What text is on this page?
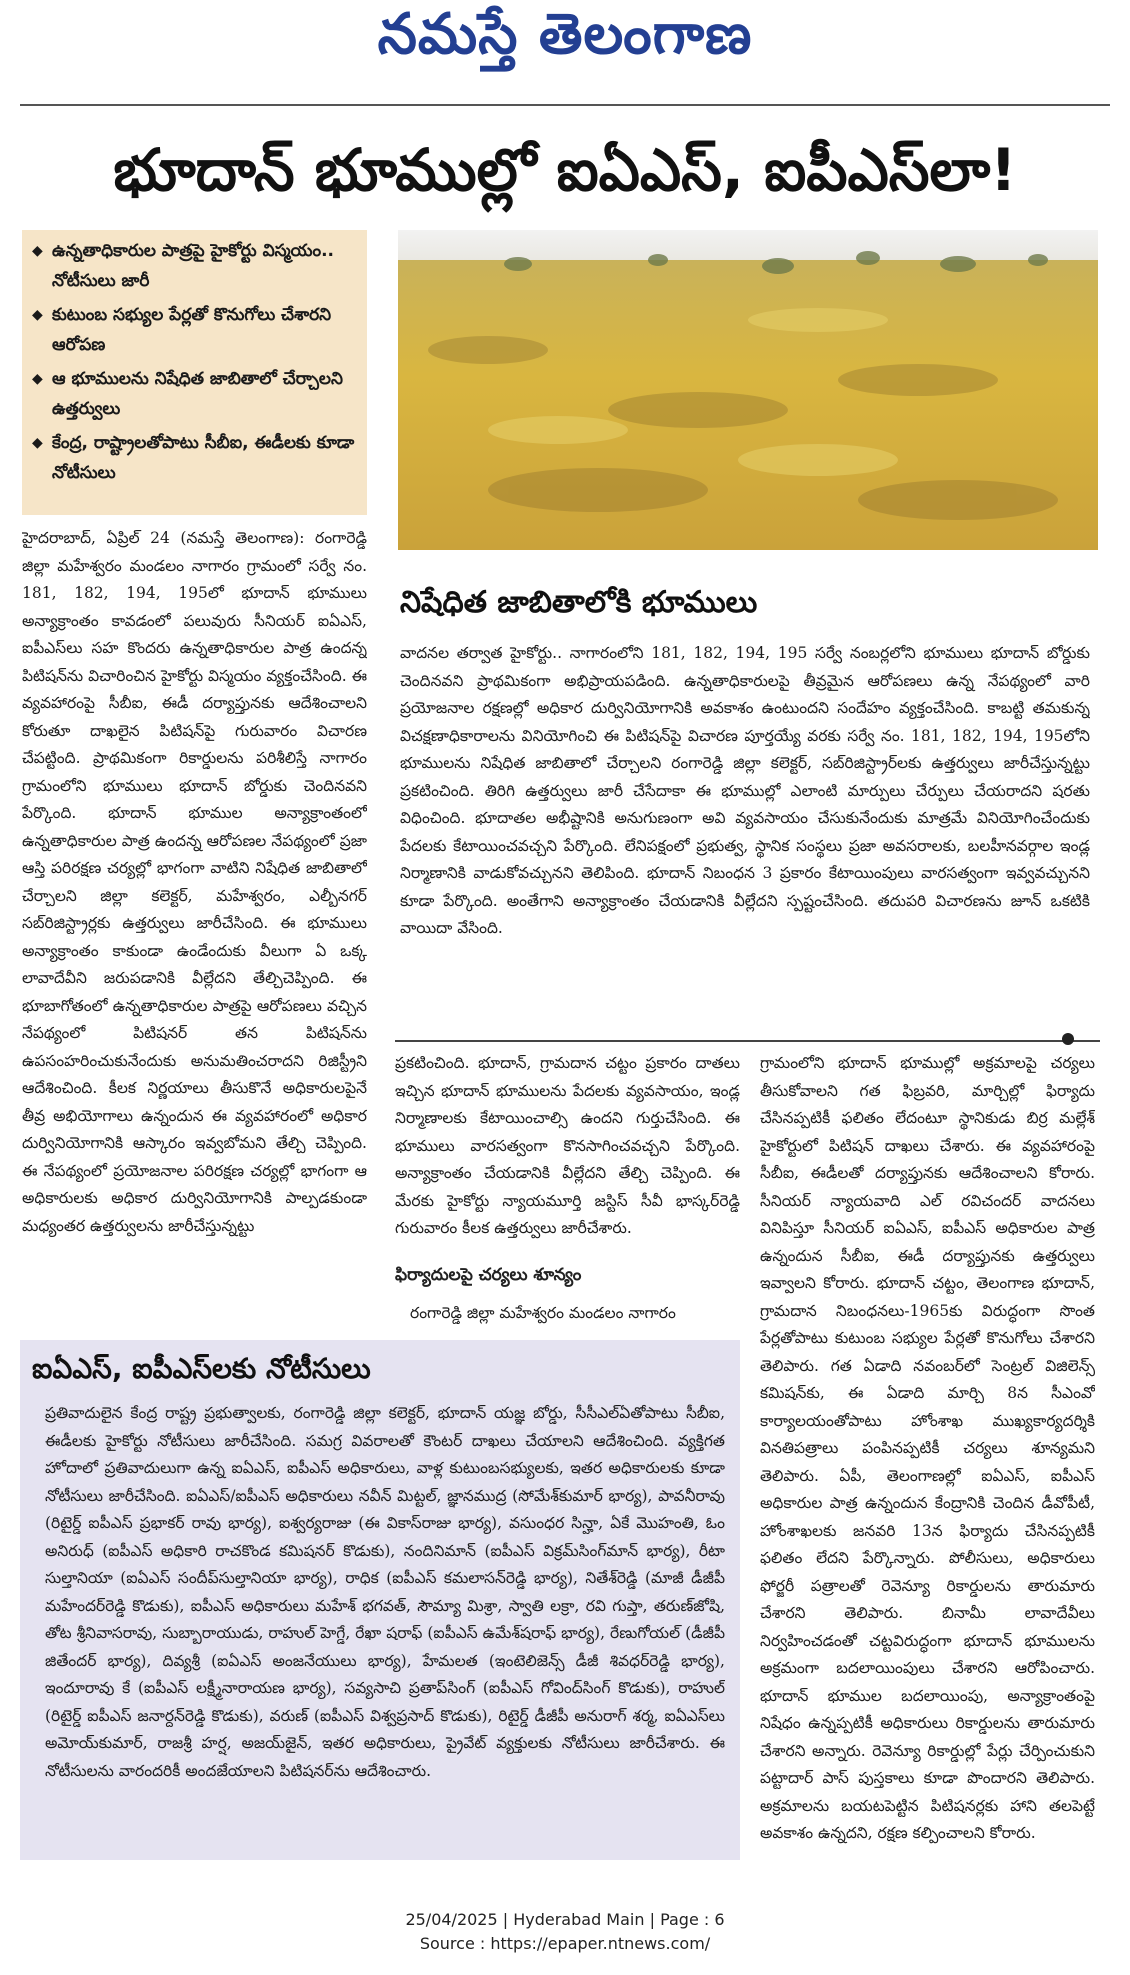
నమస్తే తెలంగాణ
భూదాన్ భూముల్లో ఐఏఎస్, ఐపీఎస్‌లా!
◆ ఉన్నతాధికారుల పాత్రపై హైకోర్టు విస్మయం.. నోటీసులు జారీ
◆ కుటుంబ సభ్యుల పేర్లతో కొనుగోలు చేశారని ఆరోపణ
◆ ఆ భూములను నిషేధిత జాబితాలో చేర్చాలని ఉత్తర్వులు
◆ కేంద్ర, రాష్ట్రాలతోపాటు సీబీఐ, ఈడీలకు కూడా నోటీసులు

హైదరాబాద్, ఏప్రిల్ 24 (నమస్తే తెలంగాణ): రంగారెడ్డి జిల్లా మహేశ్వరం మండలం నాగారం గ్రామంలో సర్వే నం. 181, 182, 194, 195లో భూదాన్ భూములు అన్యాక్రాంతం కావడంలో పలువురు సీనియర్ ఐఏఎస్, ఐపీఎస్‌లు సహ కొందరు ఉన్నతాధికారుల పాత్ర ఉందన్న పిటిషన్‌ను విచారించిన హైకోర్టు విస్మయం వ్యక్తంచేసింది. ఈ వ్యవహారంపై సీబీఐ, ఈడీ దర్యాప్తునకు ఆదేశించాలని కోరుతూ దాఖలైన పిటిషన్‌పై గురువారం విచారణ చేపట్టింది. ప్రాథమికంగా రికార్డులను పరిశీలిస్తే నాగారం గ్రామంలోని భూములు భూదాన్ బోర్డుకు చెందినవని పేర్కొంది. భూదాన్ భూముల అన్యాక్రాంతంలో ఉన్నతాధికారుల పాత్ర ఉందన్న ఆరోపణల నేపథ్యంలో ప్రజా ఆస్తి పరిరక్షణ చర్యల్లో భాగంగా వాటిని నిషేధిత జాబితాలో చేర్చాలని జిల్లా కలెక్టర్, మహేశ్వరం, ఎల్బీనగర్ సబ్‌రిజిస్ట్రార్లకు ఉత్తర్వులు జారీచేసింది. ఈ భూములు అన్యాక్రాంతం కాకుండా ఉండేందుకు వీలుగా ఏ ఒక్క లావాదేవీని జరుపడానికి వీల్లేదని తేల్చిచెప్పింది. ఈ భూబాగోతంలో ఉన్నతాధికారుల పాత్రపై ఆరోపణలు వచ్చిన నేపథ్యంలో పిటిషనర్ తన పిటిషన్‌ను ఉపసంహరించుకునేందుకు అనుమతించరాదని రిజిస్ట్రీని ఆదేశించింది. కీలక నిర్ణయాలు తీసుకొనే అధికారులపైనే తీవ్ర అభియోగాలు ఉన్నందున ఈ వ్యవహారంలో అధికార దుర్వినియోగానికి ఆస్కారం ఇవ్వబోమని తేల్చి చెప్పింది. ఈ నేపథ్యంలో ప్రయోజనాల పరిరక్షణ చర్యల్లో భాగంగా ఆ అధికారులకు అధికార దుర్వినియోగానికి పాల్పడకుండా మధ్యంతర ఉత్తర్వులను జారీచేస్తున్నట్టు

నిషేధిత జాబితాలోకి భూములు

వాదనల తర్వాత హైకోర్టు.. నాగారంలోని 181, 182, 194, 195 సర్వే నంబర్లలోని భూములు భూదాన్ బోర్డుకు చెందినవని ప్రాథమికంగా అభిప్రాయపడింది. ఉన్నతాధికారులపై తీవ్రమైన ఆరోపణలు ఉన్న నేపథ్యంలో వారి ప్రయోజనాల రక్షణల్లో అధికార దుర్వినియోగానికి అవకాశం ఉంటుందని సందేహం వ్యక్తంచేసింది. కాబట్టి తమకున్న విచక్షణాధికారాలను వినియోగించి ఈ పిటిషన్‌పై విచారణ పూర్తయ్యే వరకు సర్వే నం. 181, 182, 194, 195లోని భూములను నిషేధిత జాబితాలో చేర్చాలని రంగారెడ్డి జిల్లా కలెక్టర్, సబ్‌రిజిస్ట్రార్‌లకు ఉత్తర్వులు జారీచేస్తున్నట్టు ప్రకటించింది. తిరిగి ఉత్తర్వులు జారీ చేసేదాకా ఈ భూముల్లో ఎలాంటి మార్పులు చేర్పులు చేయరాదని షరతు విధించింది. భూదాతల అభీష్టానికి అనుగుణంగా అవి వ్యవసాయం చేసుకునేందుకు మాత్రమే వినియోగించేందుకు పేదలకు కేటాయించవచ్చని పేర్కొంది. లేనిపక్షంలో ప్రభుత్వ, స్థానిక సంస్థలు ప్రజా అవసరాలకు, బలహీనవర్గాల ఇండ్ల నిర్మాణానికి వాడుకోవచ్చునని తెలిపింది. భూదాన్ నిబంధన 3 ప్రకారం కేటాయింపులు వారసత్వంగా ఇవ్వవచ్చునని కూడా పేర్కొంది. అంతేగాని అన్యాక్రాంతం చేయడానికి వీల్లేదని స్పష్టంచేసింది. తదుపరి విచారణను జూన్ ఒకటికి వాయిదా వేసింది.

ప్రకటించింది. భూదాన్, గ్రామదాన చట్టం ప్రకారం దాతలు ఇచ్చిన భూదాన్ భూములను పేదలకు వ్యవసాయం, ఇండ్ల నిర్మాణాలకు కేటాయించాల్సి ఉందని గుర్తుచేసింది. ఈ భూములు వారసత్వంగా కొనసాగించవచ్చని పేర్కొంది. అన్యాక్రాంతం చేయడానికి వీల్లేదని తేల్చి చెప్పింది. ఈ మేరకు హైకోర్టు న్యాయమూర్తి జస్టిస్ సీవీ భాస్కర్‌రెడ్డి గురువారం కీలక ఉత్తర్వులు జారీచేశారు.

ఫిర్యాదులపై చర్యలు శూన్యం

రంగారెడ్డి జిల్లా మహేశ్వరం మండలం నాగారం

గ్రామంలోని భూదాన్ భూముల్లో అక్రమాలపై చర్యలు తీసుకోవాలని గత ఫిబ్రవరి, మార్చిల్లో ఫిర్యాదు చేసినప్పటికీ ఫలితం లేదంటూ స్థానికుడు బిర్ర మల్లేశ్ హైకోర్టులో పిటిషన్ దాఖలు చేశారు. ఈ వ్యవహారంపై సీబీఐ, ఈడీలతో దర్యాప్తునకు ఆదేశించాలని కోరారు. సీనియర్ న్యాయవాది ఎల్ రవిచందర్ వాదనలు వినిపిస్తూ సీనియర్ ఐఏఎస్, ఐపీఎస్ అధికారుల పాత్ర ఉన్నందున సీబీఐ, ఈడీ దర్యాప్తునకు ఉత్తర్వులు ఇవ్వాలని కోరారు. భూదాన్ చట్టం, తెలంగాణ భూదాన్, గ్రామదాన నిబంధనలు-1965కు విరుద్ధంగా సొంత పేర్లతోపాటు కుటుంబ సభ్యుల పేర్లతో కొనుగోలు చేశారని తెలిపారు. గత ఏడాది నవంబర్‌లో సెంట్రల్ విజిలెన్స్ కమిషన్‌కు, ఈ ఏడాది మార్చి 8న సీఎంవో కార్యాలయంతోపాటు హోంశాఖ ముఖ్యకార్యదర్శికి వినతిపత్రాలు పంపినప్పటికీ చర్యలు శూన్యమని తెలిపారు. ఏపీ, తెలంగాణల్లో ఐఏఎస్, ఐపీఎస్ అధికారుల పాత్ర ఉన్నందున కేంద్రానికి చెందిన డీవోపీటీ, హోంశాఖలకు జనవరి 13న ఫిర్యాదు చేసినప్పటికీ ఫలితం లేదని పేర్కొన్నారు. పోలీసులు, అధికారులు ఫోర్జరీ పత్రాలతో రెవెన్యూ రికార్డులను తారుమారు చేశారని తెలిపారు. బినామీ లావాదేవీలు నిర్వహించడంతో చట్టవిరుద్ధంగా భూదాన్ భూములను అక్రమంగా బదలాయింపులు చేశారని ఆరోపించారు. భూదాన్ భూముల బదలాయింపు, అన్యాక్రాంతంపై నిషేధం ఉన్నప్పటికీ అధికారులు రికార్డులను తారుమారు చేశారని అన్నారు. రెవెన్యూ రికార్డుల్లో పేర్లు చేర్పించుకుని పట్టాదార్ పాస్ పుస్తకాలు కూడా పొందారని తెలిపారు. అక్రమాలను బయటపెట్టిన పిటిషనర్లకు హాని తలపెట్టే అవకాశం ఉన్నదని, రక్షణ కల్పించాలని కోరారు.

ఐఏఎస్, ఐపీఎస్‌లకు నోటీసులు

ప్రతివాదులైన కేంద్ర రాష్ట్ర ప్రభుత్వాలకు, రంగారెడ్డి జిల్లా కలెక్టర్, భూదాన్ యజ్ఞ బోర్డు, సీసీఎల్ఏతోపాటు సీబీఐ, ఈడీలకు హైకోర్టు నోటీసులు జారీచేసింది. సమగ్ర వివరాలతో కౌంటర్ దాఖలు చేయాలని ఆదేశించింది. వ్యక్తిగత హోదాలో ప్రతివాదులుగా ఉన్న ఐఏఎస్, ఐపీఎస్ అధికారులు, వాళ్ల కుటుంబసభ్యులకు, ఇతర అధికారులకు కూడా నోటీసులు జారీచేసింది. ఐఏఎస్/ఐపీఎస్ అధికారులు నవీన్ మిట్టల్, జ్ఞానముద్ర (సోమేశ్‌కుమార్ భార్య), పావనీరావు (రిటైర్డ్ ఐపీఎస్ ప్రభాకర్ రావు భార్య), ఐశ్వర్యరాజు (ఈ వికాస్‌రాజు భార్య), వసుంధర సిన్హా, ఏకే మొహంతి, ఓం అనిరుధ్ (ఐపీఎస్ అధికారి రాచకొండ కమిషనర్ కొడుకు), నందినిమాన్ (ఐపీఎస్ విక్రమ్‌సింగ్‌మాన్ భార్య), రీటా సుల్తానియా (ఐఏఎస్ సందీప్‌సుల్తానియా భార్య), రాధిక (ఐపీఎస్ కమలాసన్‌రెడ్డి భార్య), నితేశ్‌రెడ్డి (మాజీ డీజీపీ మహేందర్‌రెడ్డి కొడుకు), ఐపీఎస్ అధికారులు మహేశ్ భగవత్, సౌమ్యా మిశ్రా, స్వాతి లక్రా, రవి గుప్తా, తరుణ్‌జోషి, తోట శ్రీనివాసరావు, సుబ్బారాయుడు, రాహుల్ హెగ్డే, రేఖా షరాఫ్ (ఐపీఎస్ ఉమేశ్‌షరాఫ్ భార్య), రేణుగోయల్ (డీజీపీ జితేందర్ భార్య), దివ్యశ్రీ (ఐఏఎస్ అంజనేయులు భార్య), హేమలత (ఇంటెలిజెన్స్ డీజీ శివధర్‌రెడ్డి భార్య), ఇందూరావు కే (ఐపీఎస్ లక్ష్మీనారాయణ భార్య), సవ్యసాచి ప్రతాప్‌సింగ్ (ఐపీఎస్ గోవింద్‌సింగ్ కొడుకు), రాహుల్ (రిటైర్డ్ ఐపీఎస్ జనార్దన్‌రెడ్డి కొడుకు), వరుణ్ (ఐపీఎస్ విశ్వప్రసాద్ కొడుకు), రిటైర్డ్ డీజీపీ అనురాగ్ శర్మ, ఐఏఎస్‌లు అమోయ్‌కుమార్, రాజశ్రీ హర్ష, అజయ్‌జైన్, ఇతర అధికారులు, ప్రైవేట్ వ్యక్తులకు నోటీసులు జారీచేశారు. ఈ నోటీసులను వారందరికీ అందజేయాలని పిటిషనర్‌ను ఆదేశించారు.

25/04/2025 | Hyderabad Main | Page : 6
Source : https://epaper.ntnews.com/
